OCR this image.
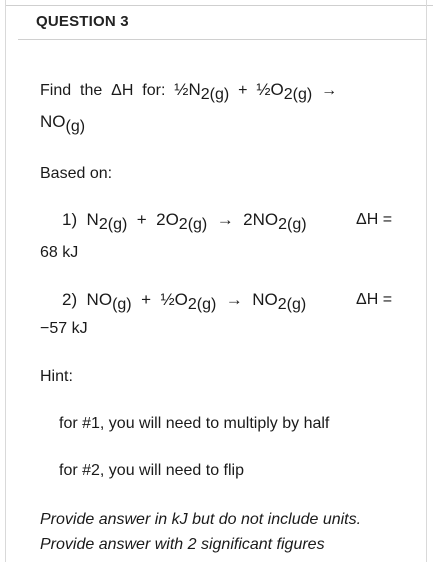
QUESTION 3
Find  the  ΔH  for:  $\frac{1}{2}N_{2(g)}$  +  $\frac{1}{2}O_{2(g)}$  →
$NO_{(g)}$
Based on:
1)  $N_{2(g)} + 2O_{2(g)} \to 2NO_{2(g)}$	ΔH =
68 kJ
2)  $NO_{(g)}$  +  $\frac{1}{2}O_{2(g)} \to NO_{2(g)}$	ΔH =
−57 kJ
Hint:
for #1, you will need to multiply by half
for #2, you will need to flip
Provide answer in kJ but do not include units.
Provide answer with 2 significant figures
